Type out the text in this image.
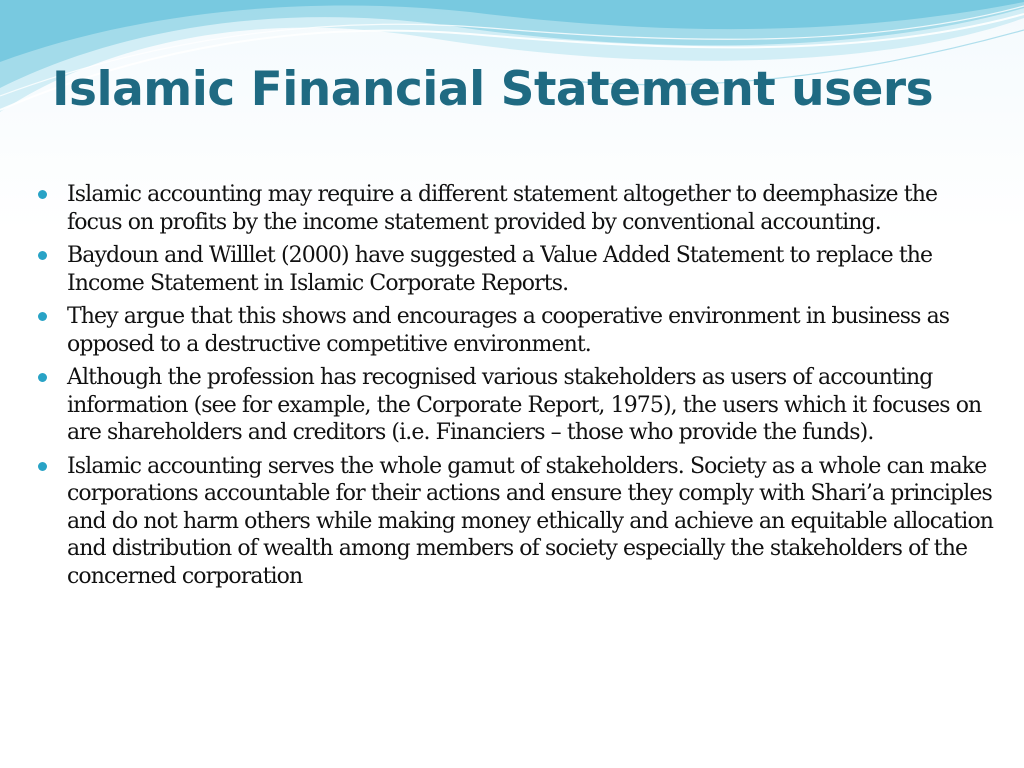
Islamic Financial Statement users
Islamic accounting may require a different statement altogether to deemphasize the focus on profits by the income statement provided by conventional accounting.
Baydoun and Willlet (2000) have suggested a Value Added Statement to replace the Income Statement in Islamic Corporate Reports.
They argue that this shows and encourages a cooperative environment in business as opposed to a destructive competitive environment.
Although the profession has recognised various stakeholders as users of accounting information (see for example, the Corporate Report, 1975), the users which it focuses on are shareholders and creditors (i.e. Financiers – those who provide the funds).
Islamic accounting serves the whole gamut of stakeholders. Society as a whole can make corporations accountable for their actions and ensure they comply with Shari’a principles and do not harm others while making money ethically and achieve an equitable allocation and distribution of wealth among members of society especially the stakeholders of the concerned corporation
